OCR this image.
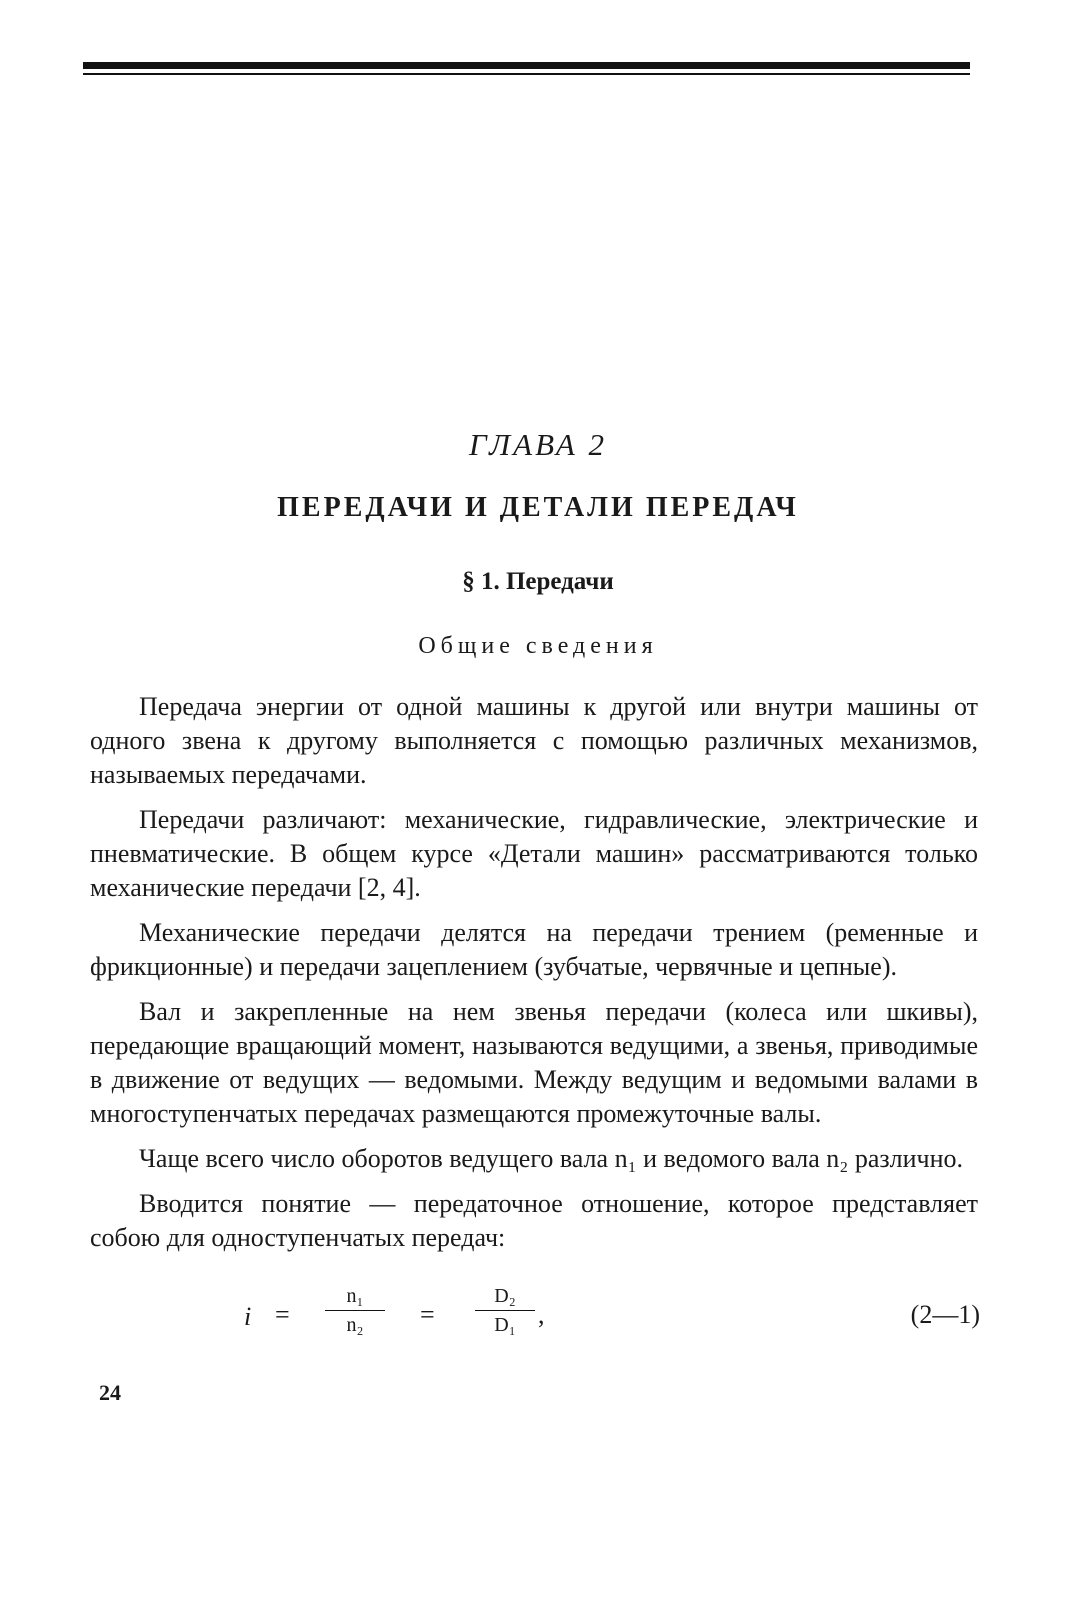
ГЛАВА 2
ПЕРЕДАЧИ И ДЕТАЛИ ПЕРЕДАЧ
§ 1. Передачи
Общие сведения

Передача энергии от одной машины к другой или внутри машины от одного звена к другому выполняется с помощью различных механизмов, называемых передачами.

Передачи различают: механические, гидравлические, электрические и пневматические. В общем курсе «Детали машин» рассматриваются только механические передачи [2, 4].

Механические передачи делятся на передачи трением (ременные и фрикционные) и передачи зацеплением (зубчатые, червячные и цепные).

Вал и закрепленные на нем звенья передачи (колеса или шкивы), передающие вращающий момент, называются ведущими, а звенья, приводимые в движение от ведущих — ведомыми. Между ведущим и ведомыми валами в многоступенчатых передачах размещаются промежуточные валы.

Чаще всего число оборотов ведущего вала n₁ и ведомого вала n₂ различно.

Вводится понятие — передаточное отношение, которое представляет собою для одноступенчатых передач:

i =
n₁
n₂	=
D₂
D₁ ,	(2—1)
24
